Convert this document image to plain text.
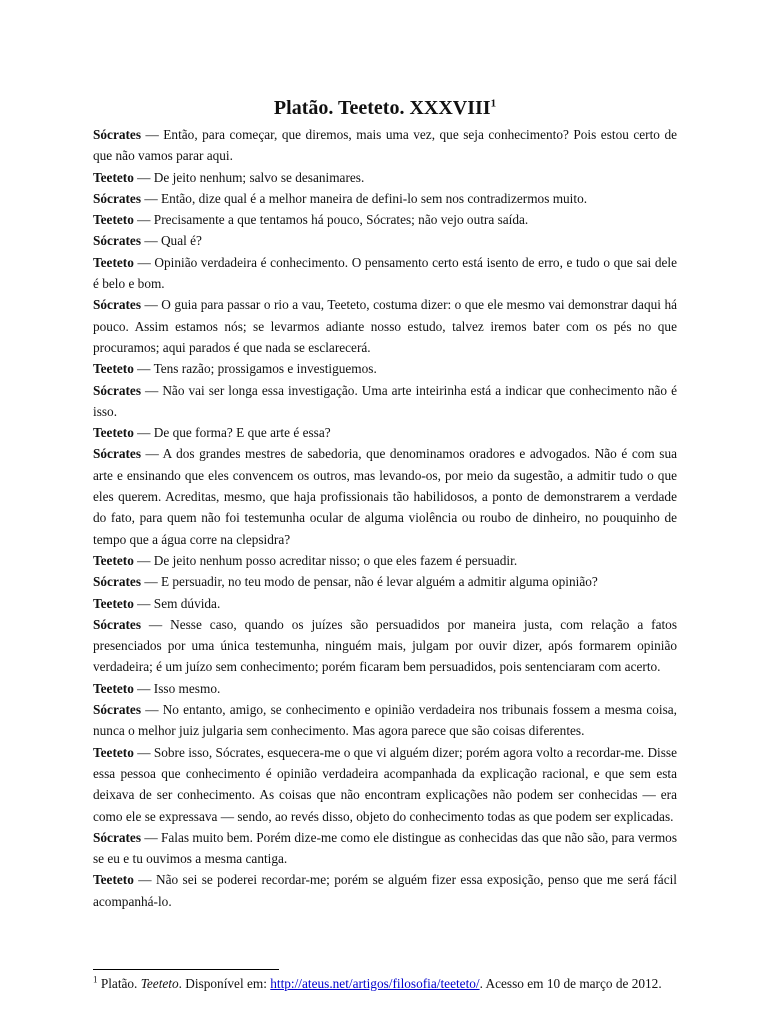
Platão. Teeteto. XXXVIII$^1$

Sócrates — Então, para começar, que diremos, mais uma vez, que seja conhecimento? Pois estou certo de que não vamos parar aqui.

Teeteto — De jeito nenhum; salvo se desanimares.

Sócrates — Então, dize qual é a melhor maneira de defini-lo sem nos contradizermos muito.

Teeteto — Precisamente a que tentamos há pouco, Sócrates; não vejo outra saída.

Sócrates — Qual é?

Teeteto — Opinião verdadeira é conhecimento. O pensamento certo está isento de erro, e tudo o que sai dele é belo e bom.

Sócrates — O guia para passar o rio a vau, Teeteto, costuma dizer: o que ele mesmo vai demonstrar daqui há pouco. Assim estamos nós; se levarmos adiante nosso estudo, talvez iremos bater com os pés no que procuramos; aqui parados é que nada se esclarecerá.

Teeteto — Tens razão; prossigamos e investiguemos.

Sócrates — Não vai ser longa essa investigação. Uma arte inteirinha está a indicar que conhecimento não é isso.

Teeteto — De que forma? E que arte é essa?

Sócrates — A dos grandes mestres de sabedoria, que denominamos oradores e advogados. Não é com sua arte e ensinando que eles convencem os outros, mas levando-os, por meio da sugestão, a admitir tudo o que eles querem. Acreditas, mesmo, que haja profissionais tão habilidosos, a ponto de demonstrarem a verdade do fato, para quem não foi testemunha ocular de alguma violência ou roubo de dinheiro, no pouquinho de tempo que a água corre na clepsidra?

Teeteto — De jeito nenhum posso acreditar nisso; o que eles fazem é persuadir.

Sócrates — E persuadir, no teu modo de pensar, não é levar alguém a admitir alguma opinião?

Teeteto — Sem dúvida.

Sócrates — Nesse caso, quando os juízes são persuadidos por maneira justa, com relação a fatos presenciados por uma única testemunha, ninguém mais, julgam por ouvir dizer, após formarem opinião verdadeira; é um juízo sem conhecimento; porém ficaram bem persuadidos, pois sentenciaram com acerto.

Teeteto — Isso mesmo.

Sócrates — No entanto, amigo, se conhecimento e opinião verdadeira nos tribunais fossem a mesma coisa, nunca o melhor juiz julgaria sem conhecimento. Mas agora parece que são coisas diferentes.

Teeteto — Sobre isso, Sócrates, esquecera-me o que vi alguém dizer; porém agora volto a recordar-me. Disse essa pessoa que conhecimento é opinião verdadeira acompanhada da explicação racional, e que sem esta deixava de ser conhecimento. As coisas que não encontram explicações não podem ser conhecidas — era como ele se expressava — sendo, ao revés disso, objeto do conhecimento todas as que podem ser explicadas.

Sócrates — Falas muito bem. Porém dize-me como ele distingue as conhecidas das que não são, para vermos se eu e tu ouvimos a mesma cantiga.

Teeteto — Não sei se poderei recordar-me; porém se alguém fizer essa exposição, penso que me será fácil acompanhá-lo.

$^1$ Platão. Teeteto. Disponível em: http://ateus.net/artigos/filosofia/teeteto/. Acesso em 10 de março de 2012.
